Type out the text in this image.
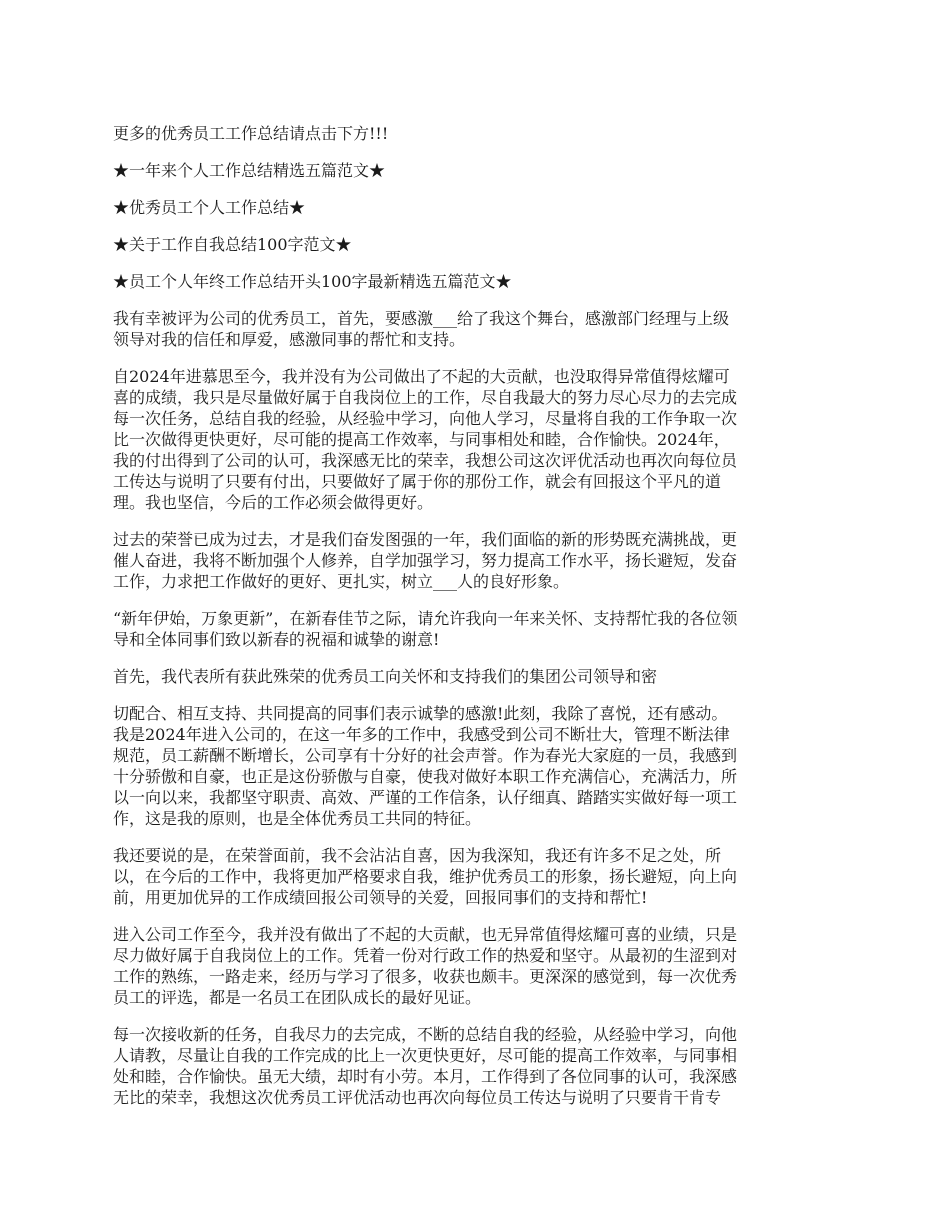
更多的优秀员工工作总结请点击下方!!!

★一年来个人工作总结精选五篇范文★

★优秀员工个人工作总结★

★关于工作自我总结100字范文★

★员工个人年终工作总结开头100字最新精选五篇范文★

我有幸被评为公司的优秀员工，首先，要感激___给了我这个舞台，感激部门经理与上级
领导对我的信任和厚爱，感激同事的帮忙和支持。
自2024年进慕思至今，我并没有为公司做出了不起的大贡献，也没取得异常值得炫耀可
喜的成绩，我只是尽量做好属于自我岗位上的工作，尽自我最大的努力尽心尽力的去完成
每一次任务，总结自我的经验，从经验中学习，向他人学习，尽量将自我的工作争取一次
比一次做得更快更好，尽可能的提高工作效率，与同事相处和睦，合作愉快。2024年，
我的付出得到了公司的认可，我深感无比的荣幸，我想公司这次评优活动也再次向每位员
工传达与说明了只要有付出，只要做好了属于你的那份工作，就会有回报这个平凡的道
理。我也坚信，今后的工作必须会做得更好。
过去的荣誉已成为过去，才是我们奋发图强的一年，我们面临的新的形势既充满挑战，更
催人奋进，我将不断加强个人修养，自学加强学习，努力提高工作水平，扬长避短，发奋
工作，力求把工作做好的更好、更扎实，树立___人的良好形象。
“新年伊始，万象更新”，在新春佳节之际，请允许我向一年来关怀、支持帮忙我的各位领
导和全体同事们致以新春的祝福和诚挚的谢意!
首先，我代表所有获此殊荣的优秀员工向关怀和支持我们的集团公司领导和密
切配合、相互支持、共同提高的同事们表示诚挚的感激!此刻，我除了喜悦，还有感动。
我是2024年进入公司的，在这一年多的工作中，我感受到公司不断壮大，管理不断法律
规范，员工薪酬不断增长，公司享有十分好的社会声誉。作为春光大家庭的一员，我感到
十分骄傲和自豪，也正是这份骄傲与自豪，使我对做好本职工作充满信心，充满活力，所
以一向以来，我都坚守职责、高效、严谨的工作信条，认仔细真、踏踏实实做好每一项工
作，这是我的原则，也是全体优秀员工共同的特征。
我还要说的是，在荣誉面前，我不会沾沾自喜，因为我深知，我还有许多不足之处，所
以，在今后的工作中，我将更加严格要求自我，维护优秀员工的形象，扬长避短，向上向
前，用更加优异的工作成绩回报公司领导的关爱，回报同事们的支持和帮忙!
进入公司工作至今，我并没有做出了不起的大贡献，也无异常值得炫耀可喜的业绩，只是
尽力做好属于自我岗位上的工作。凭着一份对行政工作的热爱和坚守。从最初的生涩到对
工作的熟练，一路走来，经历与学习了很多，收获也颇丰。更深深的感觉到，每一次优秀
员工的评选，都是一名员工在团队成长的最好见证。
每一次接收新的任务，自我尽力的去完成，不断的总结自我的经验，从经验中学习，向他
人请教，尽量让自我的工作完成的比上一次更快更好，尽可能的提高工作效率，与同事相
处和睦，合作愉快。虽无大绩，却时有小劳。本月，工作得到了各位同事的认可，我深感
无比的荣幸，我想这次优秀员工评优活动也再次向每位员工传达与说明了只要肯干肯专
